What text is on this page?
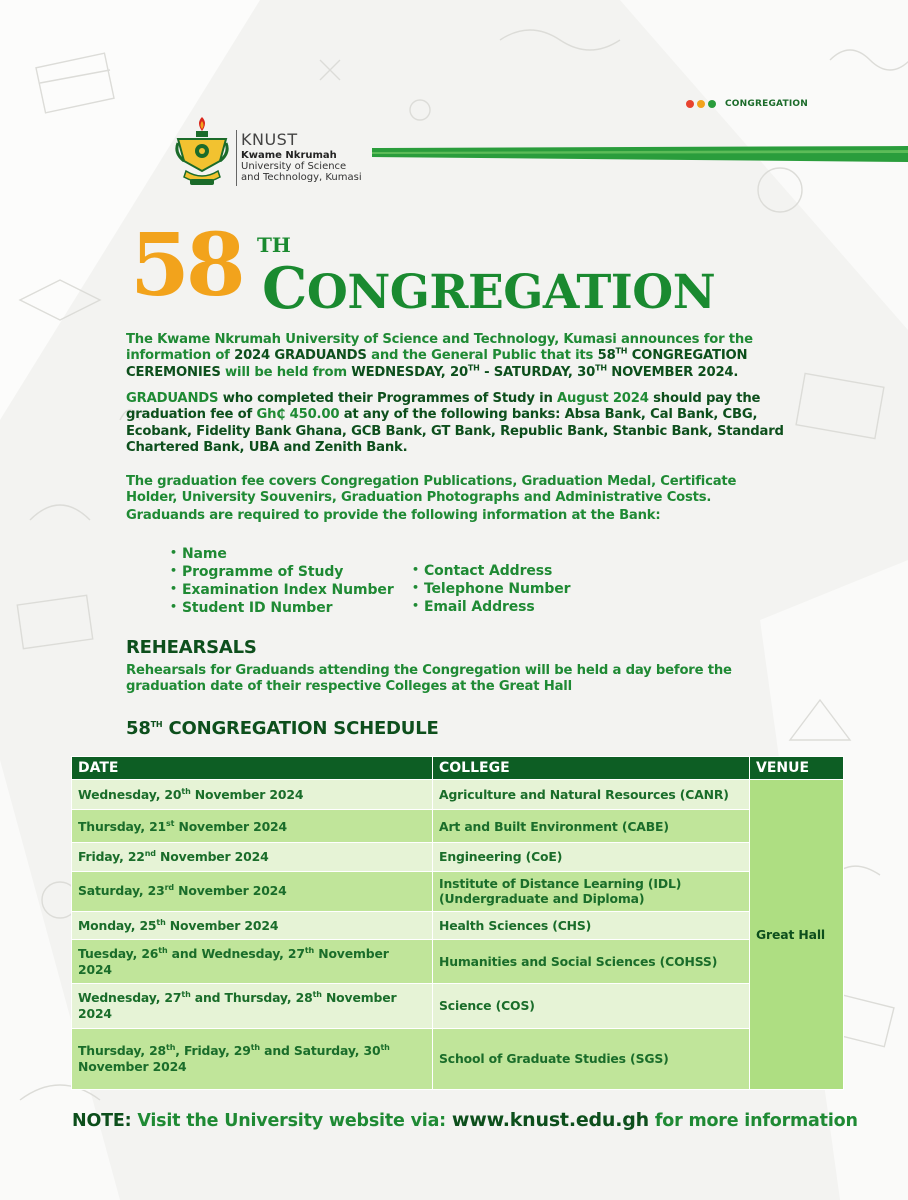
CONGREGATION
KNUST
Kwame Nkrumah
University of Science
and Technology, Kumasi
58 TH
CONGREGATION
The Kwame Nkrumah University of Science and Technology, Kumasi announces for the information of 2024 GRADUANDS and the General Public that its 58TH CONGREGATION CEREMONIES will be held from WEDNESDAY, 20TH - SATURDAY, 30TH NOVEMBER 2024.
GRADUANDS who completed their Programmes of Study in August 2024 should pay the graduation fee of Gh₵ 450.00 at any of the following banks: Absa Bank, Cal Bank, CBG, Ecobank, Fidelity Bank Ghana, GCB Bank, GT Bank, Republic Bank, Stanbic Bank, Standard Chartered Bank, UBA and Zenith Bank.
The graduation fee covers Congregation Publications, Graduation Medal, Certificate Holder, University Souvenirs, Graduation Photographs and Administrative Costs.
Graduands are required to provide the following information at the Bank:
• Name
• Programme of Study
• Examination Index Number
• Student ID Number
• Contact Address
• Telephone Number
• Email Address
REHEARSALS
Rehearsals for Graduands attending the Congregation will be held a day before the graduation date of their respective Colleges at the Great Hall
58TH CONGREGATION SCHEDULE
DATE	COLLEGE	VENUE
Wednesday, 20th November 2024	Agriculture and Natural Resources (CANR)	Great Hall
Thursday, 21st November 2024	Art and Built Environment (CABE)	
Friday, 22nd November 2024	Engineering (CoE)	
Saturday, 23rd November 2024	Institute of Distance Learning (IDL) (Undergraduate and Diploma)	
Monday, 25th November 2024	Health Sciences (CHS)	
Tuesday, 26th and Wednesday, 27th November 2024	Humanities and Social Sciences (COHSS)	
Wednesday, 27th and Thursday, 28th November 2024	Science (COS)	
Thursday, 28th, Friday, 29th and Saturday, 30th November 2024	School of Graduate Studies (SGS)	
NOTE: Visit the University website via: www.knust.edu.gh for more information
